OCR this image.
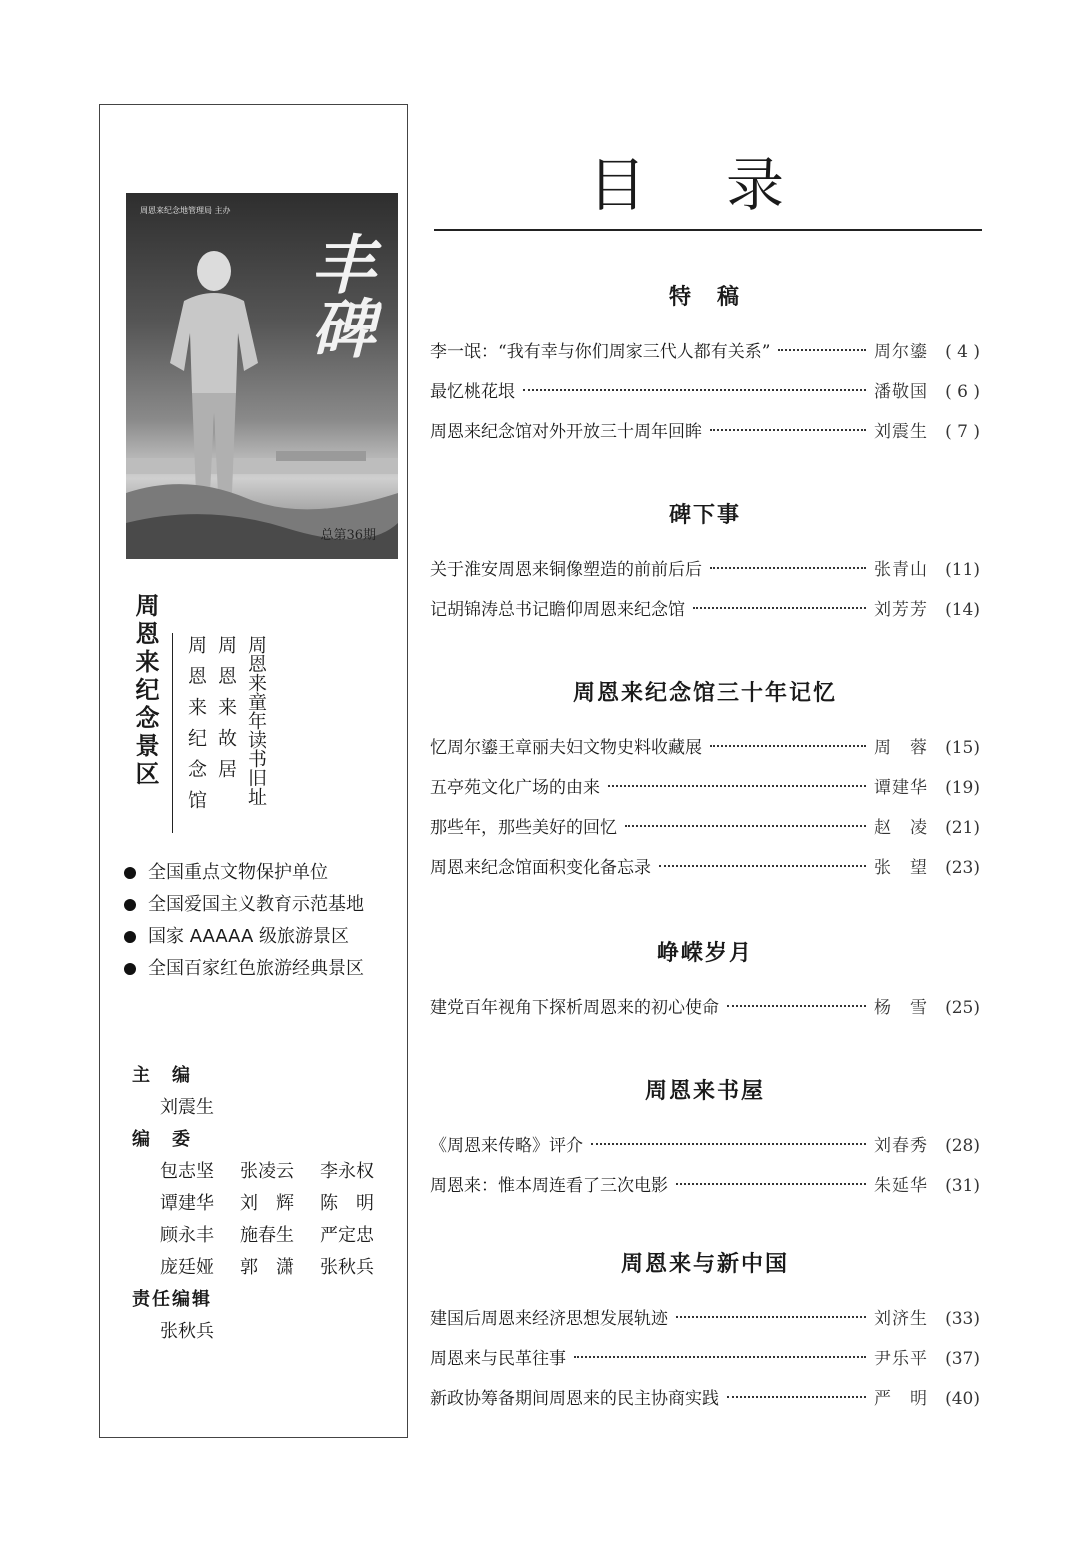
周恩来纪念地管理局 主办
丰碑
总第36期
周恩来纪念景区 周恩来纪念馆 周恩来故居 周恩来童年读书旧址
全国重点文物保护单位
全国爱国主义教育示范基地
国家 AAAAA 级旅游景区
全国百家红色旅游经典景区
主　编
刘震生
编　委
包志坚	张凌云	李永权
谭建华	刘　辉	陈　明
顾永丰	施春生	严定忠
庞廷娅	郭　潇	张秋兵
责任编辑
张秋兵
目录
特　稿
李一氓：“我有幸与你们周家三代人都有关系”	周尔鎏	( 4 )
最忆桃花垠	潘敬国	( 6 )
周恩来纪念馆对外开放三十周年回眸	刘震生	( 7 )
碑下事
关于淮安周恩来铜像塑造的前前后后	张青山	(11)
记胡锦涛总书记瞻仰周恩来纪念馆	刘芳芳	(14)
周恩来纪念馆三十年记忆
忆周尔鎏王章丽夫妇文物史料收藏展	周　蓉	(15)
五亭苑文化广场的由来	谭建华	(19)
那些年，那些美好的回忆	赵　凌	(21)
周恩来纪念馆面积变化备忘录	张　望	(23)
峥嵘岁月
建党百年视角下探析周恩来的初心使命	杨　雪	(25)
周恩来书屋
《周恩来传略》评介	刘春秀	(28)
周恩来：惟本周连看了三次电影	朱延华	(31)
周恩来与新中国
建国后周恩来经济思想发展轨迹	刘济生	(33)
周恩来与民革往事	尹乐平	(37)
新政协筹备期间周恩来的民主协商实践	严　明	(40)
